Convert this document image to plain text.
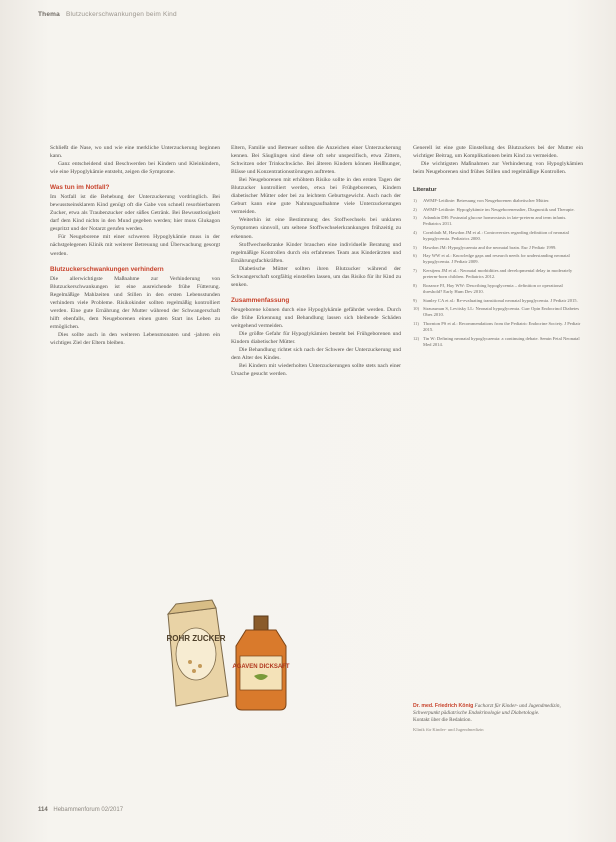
Thema Blutzuckerschwankungen beim Kind

Schließt die Nase, wo und wie eine merkliche Unterzuckerung beginnen kann.

Ganz entscheidend sind Beschwerden bei Kindern und Kleinkindern, wie eine Hypoglykämie entsteht, zeigen die Symptome.

Was tun im Notfall?

Im Notfall ist die Behebung der Unterzuckerung vordringlich. Bei bewusstseinsklarem Kind genügt oft die Gabe von schnell resorbierbarem Zucker, etwa als Traubenzucker oder süßes Getränk. Bei Bewusstlosigkeit darf dem Kind nichts in den Mund gegeben werden; hier muss Glukagon gespritzt und der Notarzt gerufen werden.

Für Neugeborene mit einer schweren Hypoglykämie muss in der nächstgelegenen Klinik mit weiterer Betreuung und Überwachung gesorgt werden.

Blutzuckerschwankungen verhindern

Die allerwichtigste Maßnahme zur Verhinderung von Blutzuckerschwankungen ist eine ausreichende frühe Fütterung. Regelmäßige Mahlzeiten und Stillen in den ersten Lebensstunden verhindern viele Probleme. Risikokinder sollten regelmäßig kontrolliert werden. Eine gute Ernährung der Mutter während der Schwangerschaft hilft ebenfalls, dem Neugeborenen einen guten Start ins Leben zu ermöglichen.

Dies sollte auch in den weiteren Lebensmonaten und -jahren ein wichtiges Ziel der Eltern bleiben.

Eltern, Familie und Betreuer sollten die Anzeichen einer Unterzuckerung kennen. Bei Säuglingen sind diese oft sehr unspezifisch, etwa Zittern, Schwitzen oder Trinkschwäche. Bei älteren Kindern können Heißhunger, Blässe und Konzentrationsstörungen auftreten.

Bei Neugeborenen mit erhöhtem Risiko sollte in den ersten Tagen der Blutzucker kontrolliert werden, etwa bei Frühgeborenen, Kindern diabetischer Mütter oder bei zu leichtem Geburtsgewicht. Auch nach der Geburt kann eine gute Nahrungsaufnahme viele Unterzuckerungen vermeiden.

Weiterhin ist eine Bestimmung des Stoffwechsels bei unklaren Symptomen sinnvoll, um seltene Stoffwechselerkrankungen frühzeitig zu erkennen.

Stoffwechselkranke Kinder brauchen eine individuelle Beratung und regelmäßige Kontrollen durch ein erfahrenes Team aus Kinderärzten und Ernährungsfachkräften.

Diabetische Mütter sollten ihren Blutzucker während der Schwangerschaft sorgfältig einstellen lassen, um das Risiko für ihr Kind zu senken.

Zusammenfassung

Neugeborene können durch eine Hypoglykämie gefährdet werden. Durch die frühe Erkennung und Behandlung lassen sich bleibende Schäden weitgehend vermeiden.

Die größte Gefahr für Hypoglykämien besteht bei Frühgeborenen und Kindern diabetischer Mütter.

Die Behandlung richtet sich nach der Schwere der Unterzuckerung und dem Alter des Kindes.

Bei Kindern mit wiederholten Unterzuckerungen sollte stets nach einer Ursache gesucht werden.

Generell ist eine gute Einstellung des Blutzuckers bei der Mutter ein wichtiger Beitrag, um Komplikationen beim Kind zu vermeiden.

Die wichtigsten Maßnahmen zur Verhinderung von Hypoglykämien beim Neugeborenen sind frühes Stillen und regelmäßige Kontrollen.

Literatur
1) AWMF-Leitlinie: Betreuung von Neugeborenen diabetischer Mütter.
2) AWMF-Leitlinie: Hypoglykämie im Neugeborenenalter, Diagnostik und Therapie.
3) Adamkin DH: Postnatal glucose homeostasis in late-preterm and term infants. Pediatrics 2011.
4) Cornblath M, Hawdon JM et al.: Controversies regarding definition of neonatal hypoglycemia. Pediatrics 2000.
5) Hawdon JM: Hypoglycaemia and the neonatal brain. Eur J Pediatr 1999.
6) Hay WW et al.: Knowledge gaps and research needs for understanding neonatal hypoglycemia. J Pediatr 2009.
7) Kerstjens JM et al.: Neonatal morbidities and developmental delay in moderately preterm-born children. Pediatrics 2012.
8) Rozance PJ, Hay WW: Describing hypoglycemia – definition or operational threshold? Early Hum Dev 2010.
9) Stanley CA et al.: Re-evaluating transitional neonatal hypoglycemia. J Pediatr 2015.
10) Straussman S, Levitsky LL: Neonatal hypoglycemia. Curr Opin Endocrinol Diabetes Obes 2010.
11) Thornton PS et al.: Recommendations from the Pediatric Endocrine Society. J Pediatr 2015.
12) Tin W: Defining neonatal hypoglycaemia: a continuing debate. Semin Fetal Neonatal Med 2014.
Dr. med. Friedrich König Facharzt für Kinder- und Jugendmedizin, Schwerpunkt pädiatrische Endokrinologie und Diabetologie.
Kontakt über die Redaktion.
Klinik für Kinder- und Jugendmedizin
ROHR ZUCKER
AGAVEN DICKSAFT
114 Hebammenforum 02/2017
